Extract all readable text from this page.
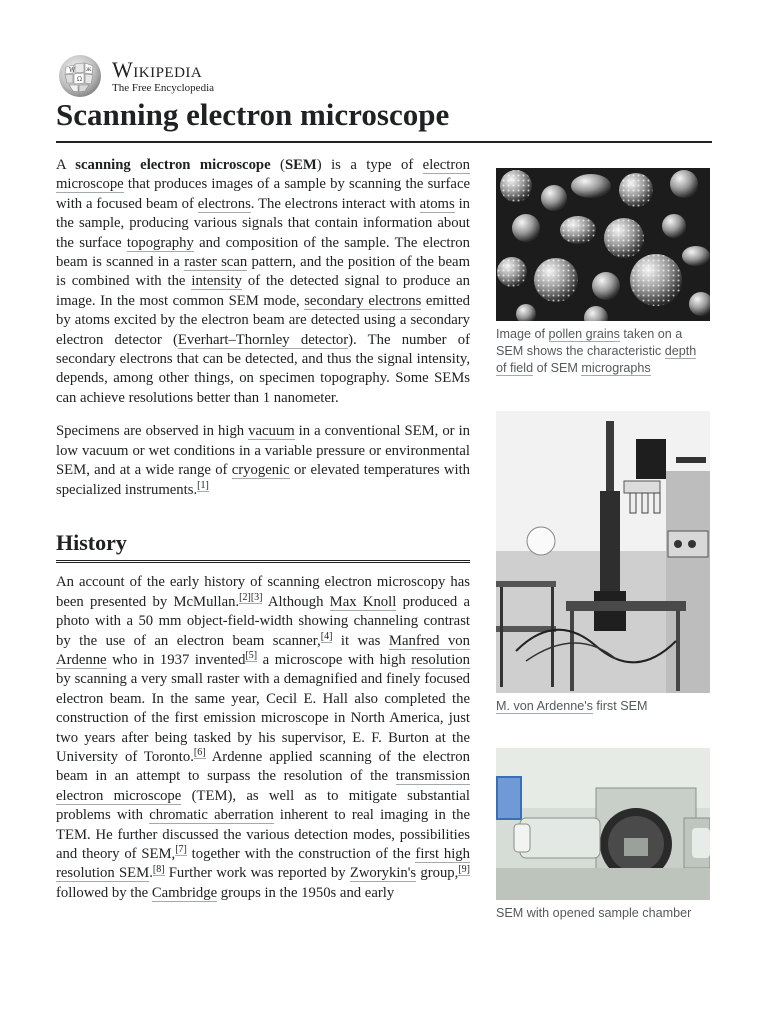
W
Ω
Ж Wikipedia
The Free Encyclopedia
Scanning electron microscope

A scanning electron microscope (SEM) is a type of electron microscope that produces images of a sample by scanning the surface with a focused beam of electrons. The electrons interact with atoms in the sample, producing various signals that contain information about the surface topography and composition of the sample. The electron beam is scanned in a raster scan pattern, and the position of the beam is combined with the intensity of the detected signal to produce an image. In the most common SEM mode, secondary electrons emitted by atoms excited by the electron beam are detected using a secondary electron detector (Everhart–Thornley detector). The number of secondary electrons that can be detected, and thus the signal intensity, depends, among other things, on specimen topography. Some SEMs can achieve resolutions better than 1 nanometer.

Specimens are observed in high vacuum in a conventional SEM, or in low vacuum or wet conditions in a variable pressure or environmental SEM, and at a wide range of cryogenic or elevated temperatures with specialized instruments.[1]

History

An account of the early history of scanning electron microscopy has been presented by McMullan.[2][3] Although Max Knoll produced a photo with a 50 mm object-field-width showing channeling contrast by the use of an electron beam scanner,[4] it was Manfred von Ardenne who in 1937 invented[5] a microscope with high resolution by scanning a very small raster with a demagnified and finely focused electron beam. In the same year, Cecil E. Hall also completed the construction of the first emission microscope in North America, just two years after being tasked by his supervisor, E. F. Burton at the University of Toronto.[6] Ardenne applied scanning of the electron beam in an attempt to surpass the resolution of the transmission electron microscope (TEM), as well as to mitigate substantial problems with chromatic aberration inherent to real imaging in the TEM. He further discussed the various detection modes, possibilities and theory of SEM,[7] together with the construction of the first high resolution SEM.[8] Further work was reported by Zworykin's group,[9] followed by the Cambridge groups in the 1950s and early

Image of pollen grains taken on a SEM shows the characteristic depth of field of SEM micrographs
M. von Ardenne's first SEM
SEM with opened sample chamber
